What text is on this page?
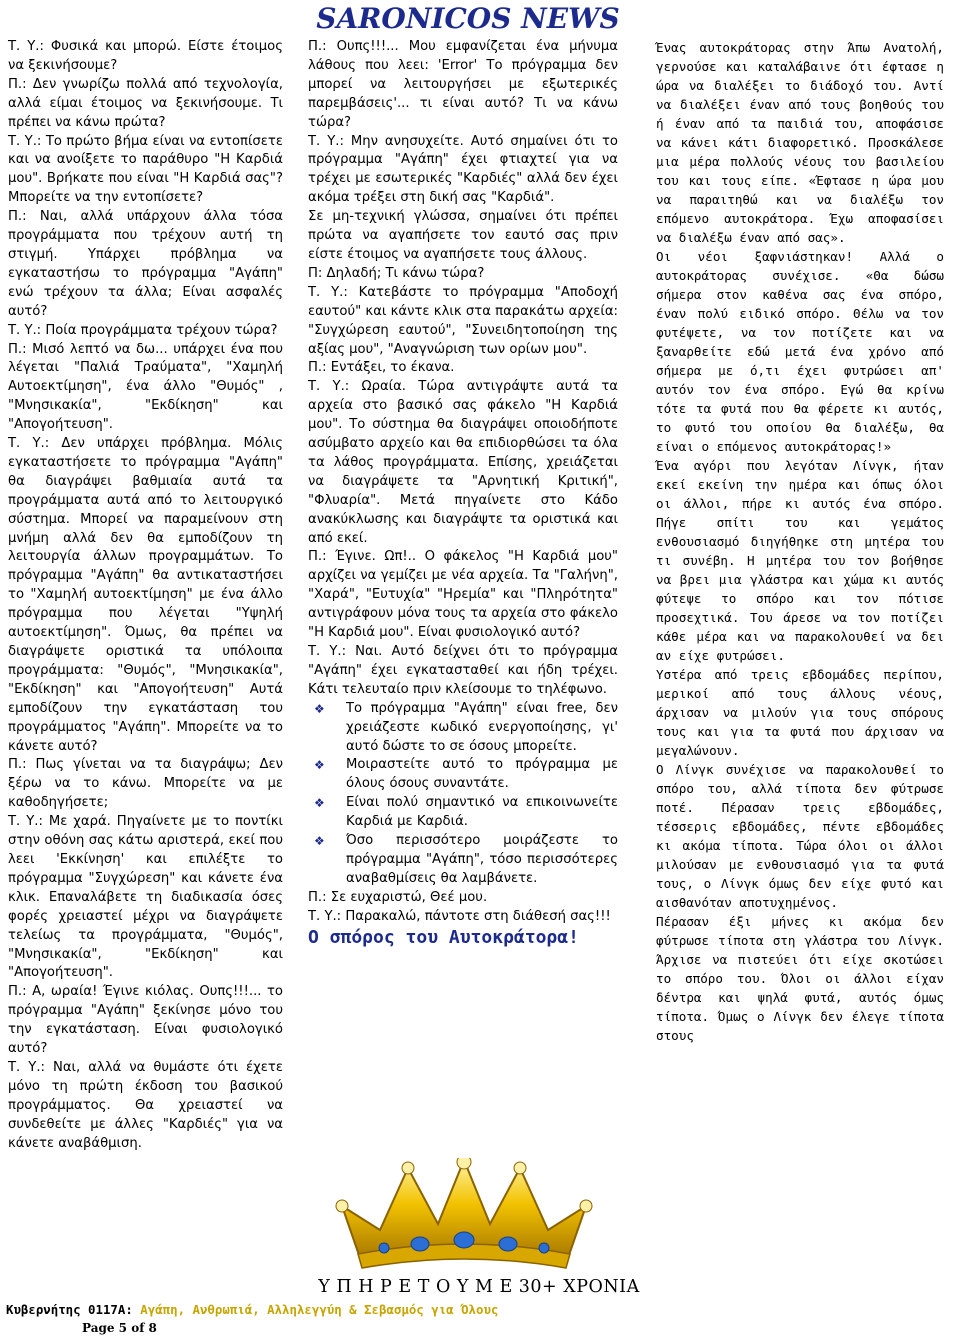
SARONICOS NEWS

Τ. Υ.: Φυσικά και μπορώ. Είστε έτοιμος να ξεκινήσουμε?

Π.: Δεν γνωρίζω πολλά από τεχνολογία, αλλά είμαι έτοιμος να ξεκινήσουμε. Τι πρέπει να κάνω πρώτα?

Τ. Υ.: Το πρώτο βήμα είναι να εντοπίσετε και να ανοίξετε το παράθυρο "Η Καρδιά μου". Βρήκατε που είναι "Η Καρδιά σας"? Μπορείτε να την εντοπίσετε?

Π.: Ναι, αλλά υπάρχουν άλλα τόσα προγράμματα που τρέχουν αυτή τη στιγμή. Υπάρχει πρόβλημα να εγκαταστήσω το πρόγραμμα "Αγάπη" ενώ τρέχουν τα άλλα; Είναι ασφαλές αυτό?

Τ. Υ.: Ποία προγράμματα τρέχουν τώρα?

Π.: Μισό λεπτό να δω... υπάρχει ένα που λέγεται "Παλιά Τραύματα", "Χαμηλή Αυτοεκτίμηση", ένα άλλο "Θυμός" , "Μνησικακία", "Εκδίκηση" και "Απογοήτευση".

Τ. Υ.: Δεν υπάρχει πρόβλημα. Μόλις εγκαταστήσετε το πρόγραμμα "Αγάπη" θα διαγράψει βαθμιαία αυτά τα προγράμματα αυτά από το λειτουργικό σύστημα. Μπορεί να παραμείνουν στη μνήμη αλλά δεν θα εμποδίζουν τη λειτουργία άλλων προγραμμάτων. Το πρόγραμμα "Αγάπη" θα αντικαταστήσει το "Χαμηλή αυτοεκτίμηση" με ένα άλλο πρόγραμμα που λέγεται "Υψηλή αυτοεκτίμηση". Όμως, θα πρέπει να διαγράψετε οριστικά τα υπόλοιπα προγράμματα: "Θυμός", "Μνησικακία", "Εκδίκηση" και "Απογοήτευση" Αυτά εμποδίζουν την εγκατάσταση του προγράμματος "Αγάπη". Μπορείτε να το κάνετε αυτό?

Π.: Πως γίνεται να τα διαγράψω; Δεν ξέρω να το κάνω. Μπορείτε να με καθοδηγήσετε;

Τ. Υ.: Με χαρά. Πηγαίνετε με το ποντίκι στην οθόνη σας κάτω αριστερά, εκεί που λεει 'Εκκίνηση' και επιλέξτε το πρόγραμμα "Συγχώρεση" και κάνετε ένα κλικ. Επαναλάβετε τη διαδικασία όσες φορές χρειαστεί μέχρι να διαγράψετε τελείως τα προγράμματα, "Θυμός", "Μνησικακία", "Εκδίκηση" και "Απογοήτευση".

Π.: Α, ωραία! Έγινε κιόλας. Ουπς!!!... το πρόγραμμα "Αγάπη" ξεκίνησε μόνο του την εγκατάσταση. Είναι φυσιολογικό αυτό?

Τ. Υ.: Ναι, αλλά να θυμάστε ότι έχετε μόνο τη πρώτη έκδοση του βασικού προγράμματος. Θα χρειαστεί να συνδεθείτε με άλλες "Καρδιές" για να κάνετε αναβάθμιση.

Π.: Ουπς!!!... Μου εμφανίζεται ένα μήνυμα λάθους που λεει: 'Error' Το πρόγραμμα δεν μπορεί να λειτουργήσει με εξωτερικές παρεμβάσεις'... τι είναι αυτό? Τι να κάνω τώρα?

Τ. Υ.: Μην ανησυχείτε. Αυτό σημαίνει ότι το πρόγραμμα "Αγάπη" έχει φτιαχτεί για να τρέχει με εσωτερικές "Καρδιές" αλλά δεν έχει ακόμα τρέξει στη δική σας "Καρδιά".

Σε μη-τεχνική γλώσσα, σημαίνει ότι πρέπει πρώτα να αγαπήσετε τον εαυτό σας πριν είστε έτοιμος να αγαπήσετε τους άλλους.

Π: Δηλαδή; Τι κάνω τώρα?

Τ. Υ.: Κατεβάστε το πρόγραμμα "Αποδοχή εαυτού" και κάντε κλικ στα παρακάτω αρχεία: "Συγχώρεση εαυτού", "Συνειδητοποίηση της αξίας μου", "Αναγνώριση των ορίων μου".

Π.: Εντάξει, το έκανα.

Τ. Υ.: Ωραία. Τώρα αντιγράψτε αυτά τα αρχεία στο βασικό σας φάκελο "Η Καρδιά μου". Το σύστημα θα διαγράψει οποιοδήποτε ασύμβατο αρχείο και θα επιδιορθώσει τα όλα τα λάθος προγράμματα. Επίσης, χρειάζεται να διαγράψετε τα "Αρνητική Κριτική", "Φλυαρία". Μετά πηγαίνετε στο Κάδο ανακύκλωσης και διαγράψτε τα οριστικά και από εκεί.

Π.: Έγινε. Ωπ!.. Ο φάκελος "Η Καρδιά μου" αρχίζει να γεμίζει με νέα αρχεία. Τα "Γαλήνη", "Χαρά", "Ευτυχία" "Ηρεμία" και "Πληρότητα" αντιγράφουν μόνα τους τα αρχεία στο φάκελο "Η Καρδιά μου". Είναι φυσιολογικό αυτό?

Τ. Υ.: Ναι. Αυτό δείχνει ότι το πρόγραμμα "Αγάπη" έχει εγκατασταθεί και ήδη τρέχει. Κάτι τελευταίο πριν κλείσουμε το τηλέφωνο.

❖ Το πρόγραμμα "Αγάπη" είναι free, δεν χρειάζεστε κωδικό ενεργοποίησης, γι' αυτό δώστε το σε όσους μπορείτε.
❖ Μοιραστείτε αυτό το πρόγραμμα με όλους όσους συναντάτε.
❖ Είναι πολύ σημαντικό να επικοινωνείτε Καρδιά με Καρδιά.
❖ Όσο περισσότερο μοιράζεστε το πρόγραμμα "Αγάπη", τόσο περισσότερες αναβαθμίσεις θα λαμβάνετε.

Π.: Σε ευχαριστώ, Θεέ μου.

Τ. Υ.: Παρακαλώ, πάντοτε στη διάθεσή σας!!!

Ο σπόρος του Αυτοκράτορα!

Ένας αυτοκράτορας στην Άπω Ανατολή, γερνούσε και καταλάβαινε ότι έφτασε η ώρα να διαλέξει το διάδοχό του. Αντί να διαλέξει έναν από τους βοηθούς του ή έναν από τα παιδιά του, αποφάσισε να κάνει κάτι διαφορετικό. Προσκάλεσε μια μέρα πολλούς νέους του βασιλείου του και τους είπε. «Έφτασε η ώρα μου να παραιτηθώ και να διαλέξω τον επόμενο αυτοκράτορα. Έχω αποφασίσει να διαλέξω έναν από σας».

Οι νέοι ξαφνιάστηκαν! Αλλά ο αυτοκράτορας συνέχισε. «Θα δώσω σήμερα στον καθένα σας ένα σπόρο, έναν πολύ ειδικό σπόρο. Θέλω να τον φυτέψετε, να τον ποτίζετε και να ξαναρθείτε εδώ μετά ένα χρόνο από σήμερα με ό,τι έχει φυτρώσει απ' αυτόν τον ένα σπόρο. Εγώ θα κρίνω τότε τα φυτά που θα φέρετε κι αυτός, το φυτό του οποίου θα διαλέξω, θα είναι ο επόμενος αυτοκράτορας!»

Ένα αγόρι που λεγόταν Λίνγκ, ήταν εκεί εκείνη την ημέρα και όπως όλοι οι άλλοι, πήρε κι αυτός ένα σπόρο. Πήγε σπίτι του και γεμάτος ενθουσιασμό διηγήθηκε στη μητέρα του τι συνέβη. Η μητέρα του τον βοήθησε να βρει μια γλάστρα και χώμα κι αυτός φύτεψε το σπόρο και τον πότισε προσεχτικά. Του άρεσε να τον ποτίζει κάθε μέρα και να παρακολουθεί να δει αν είχε φυτρώσει.

Υστέρα από τρεις εβδομάδες περίπου, μερικοί από τους άλλους νέους, άρχισαν να μιλούν για τους σπόρους τους και για τα φυτά που άρχισαν να μεγαλώνουν.

Ο Λίνγκ συνέχισε να παρακολουθεί το σπόρο του, αλλά τίποτα δεν φύτρωσε ποτέ. Πέρασαν τρεις εβδομάδες, τέσσερις εβδομάδες, πέντε εβδομάδες κι ακόμα τίποτα. Τώρα όλοι οι άλλοι μιλούσαν με ενθουσιασμό για τα φυτά τους, ο Λίνγκ όμως δεν είχε φυτό και αισθανόταν αποτυχημένος.

Πέρασαν έξι μήνες κι ακόμα δεν φύτρωσε τίποτα στη γλάστρα του Λίνγκ. Άρχισε να πιστεύει ότι είχε σκοτώσει το σπόρο του. Όλοι οι άλλοι είχαν δέντρα και ψηλά φυτά, αυτός όμως τίποτα. Όμως ο Λίνγκ δεν έλεγε τίποτα στους

Υ Π Η Ρ Ε Τ Ο Υ Μ Ε 30+ ΧΡΟΝΙΑ
Κυβερνήτης 0117Α: Αγάπη, Ανθρωπιά, Αλληλεγγύη & Σεβασμός για Όλους
Page 5 of 8
